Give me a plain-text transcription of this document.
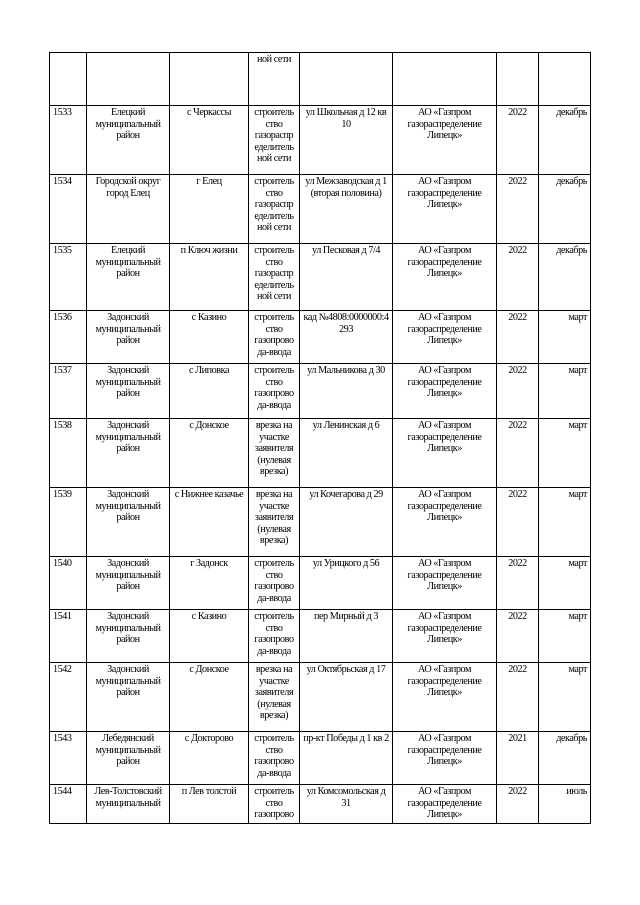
			ной сети				
1533	Елецкий муниципальный район	с Черкассы	строитель ство газораспр еделитель ной сети	ул Школьная д 12 кв 10	АО «Газпром газораспределение Липецк»	2022	декабрь
1534	Городской округ город Елец	г Елец	строитель ство газораспр еделитель ной сети	ул Межзаводская д 1 (вторая половина)	АО «Газпром газораспределение Липецк»	2022	декабрь
1535	Елецкий муниципальный район	п Ключ жизни	строитель ство газораспр еделитель ной сети	ул Песковая д 7/4	АО «Газпром газораспределение Липецк»	2022	декабрь
1536	Задонский муниципальный район	с Казино	строитель ство газопрово да-ввода	кад №4808:0000000:4 293	АО «Газпром газораспределение Липецк»	2022	март
1537	Задонский муниципальный район	с Липовка	строитель ство газопрово да-ввода	ул Мальникова д 30	АО «Газпром газораспределение Липецк»	2022	март
1538	Задонский муниципальный район	с Донское	врезка на участке заявителя (нулевая врезка)	ул Ленинская д 6	АО «Газпром газораспределение Липецк»	2022	март
1539	Задонский муниципальный район	с Нижнее казачье	врезка на участке заявителя (нулевая врезка)	ул Кочегарова д 29	АО «Газпром газораспределение Липецк»	2022	март
1540	Задонский муниципальный район	г Задонск	строитель ство газопрово да-ввода	ул Урицкого д 56	АО «Газпром газораспределение Липецк»	2022	март
1541	Задонский муниципальный район	с Казино	строитель ство газопрово да-ввода	пер Мирный д 3	АО «Газпром газораспределение Липецк»	2022	март
1542	Задонский муниципальный район	с Донское	врезка на участке заявителя (нулевая врезка)	ул Октябрьская д 17	АО «Газпром газораспределение Липецк»	2022	март
1543	Лебедянский муниципальный район	с Докторово	строитель ство газопрово да-ввода	пр-кт Победы д 1 кв 2	АО «Газпром газораспределение Липецк»	2021	декабрь
1544	Лев-Толстовский муниципальный	п Лев толстой	строитель ство газопрово	ул Комсомольская д 31	АО «Газпром газораспределение Липецк»	2022	июль
